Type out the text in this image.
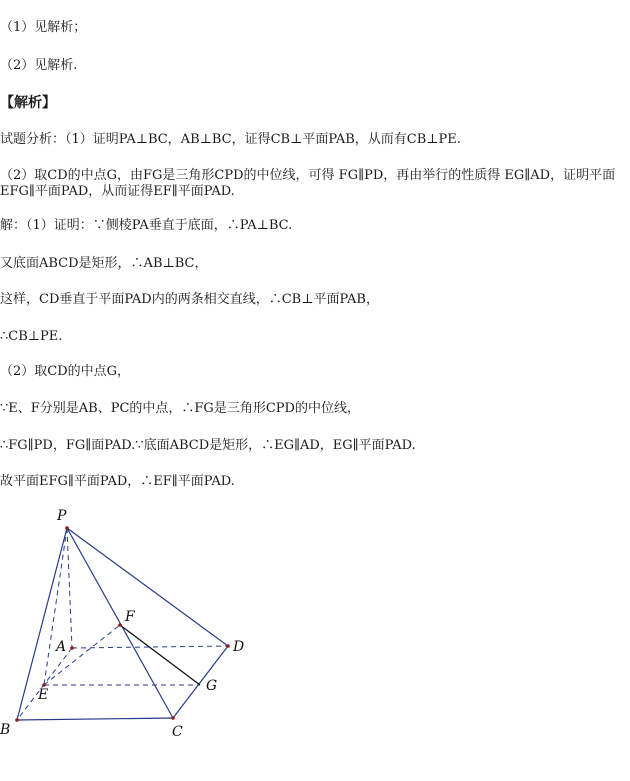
（1）见解析；
（2）见解析.
【解析】
试题分析：（1）证明PA⊥BC，AB⊥BC，证得CB⊥平面PAB，从而有CB⊥PE.
（2）取CD的中点G，由FG是三角形CPD的中位线，可得 FG∥PD，再由举行的性质得 EG∥AD，证明平面
EFG∥平面PAD，从而证得EF∥平面PAD.
解：（1）证明：∵侧棱PA垂直于底面，∴PA⊥BC.
又底面ABCD是矩形，∴AB⊥BC，
这样，CD垂直于平面PAD内的两条相交直线，∴CB⊥平面PAB，
∴CB⊥PE.
（2）取CD的中点G，
∵E、F分别是AB、PC的中点，∴FG是三角形CPD的中位线，
∴FG∥PD，FG∥面PAD.∵底面ABCD是矩形，∴EG∥AD，EG∥平面PAD.
故平面EFG∥平面PAD，∴EF∥平面PAD.
P
A
B	C
D
E
F
G
